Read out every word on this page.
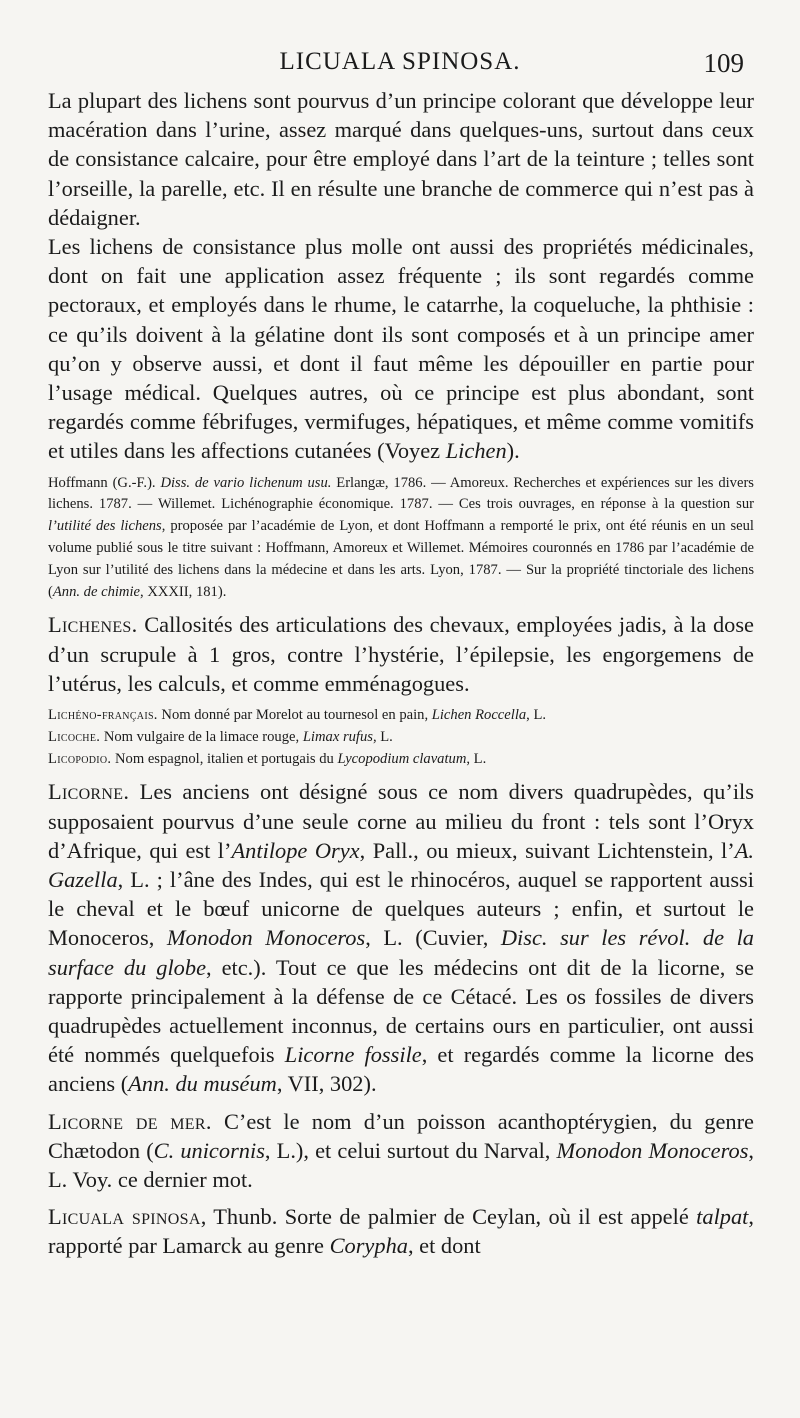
LICUALA SPINOSA.	109

La plupart des lichens sont pourvus d’un principe colorant que développe leur macération dans l’urine, assez marqué dans quelques-uns, surtout dans ceux de consistance calcaire, pour être employé dans l’art de la teinture ; telles sont l’orseille, la parelle, etc. Il en résulte une branche de commerce qui n’est pas à dédaigner.

Les lichens de consistance plus molle ont aussi des propriétés médicinales, dont on fait une application assez fréquente ; ils sont regardés comme pectoraux, et employés dans le rhume, le catarrhe, la coqueluche, la phthisie : ce qu’ils doivent à la gélatine dont ils sont composés et à un principe amer qu’on y observe aussi, et dont il faut même les dépouiller en partie pour l’usage médical. Quelques autres, où ce principe est plus abondant, sont regardés comme fébrifuges, vermifuges, hépatiques, et même comme vomitifs et utiles dans les affections cutanées (Voyez Lichen).

Hoffmann (G.-F.). Diss. de vario lichenum usu. Erlangæ, 1786. — Amoreux. Recherches et expériences sur les divers lichens. 1787. — Willemet. Lichénographie économique. 1787. — Ces trois ouvrages, en réponse à la question sur l’utilité des lichens, proposée par l’académie de Lyon, et dont Hoffmann a remporté le prix, ont été réunis en un seul volume publié sous le titre suivant : Hoffmann, Amoreux et Willemet. Mémoires couronnés en 1786 par l’académie de Lyon sur l’utilité des lichens dans la médecine et dans les arts. Lyon, 1787. — Sur la propriété tinctoriale des lichens (Ann. de chimie, XXXII, 181).

Lichenes. Callosités des articulations des chevaux, employées jadis, à la dose d’un scrupule à 1 gros, contre l’hystérie, l’épilepsie, les engorgemens de l’utérus, les calculs, et comme emménagogues.

Lichéno-français. Nom donné par Morelot au tournesol en pain, Lichen Roccella, L.

Licoche. Nom vulgaire de la limace rouge, Limax rufus, L.

Licopodio. Nom espagnol, italien et portugais du Lycopodium clavatum, L.

Licorne. Les anciens ont désigné sous ce nom divers quadrupèdes, qu’ils supposaient pourvus d’une seule corne au milieu du front : tels sont l’Oryx d’Afrique, qui est l’Antilope Oryx, Pall., ou mieux, suivant Lichtenstein, l’A. Gazella, L. ; l’âne des Indes, qui est le rhinocéros, auquel se rapportent aussi le cheval et le bœuf unicorne de quelques auteurs ; enfin, et surtout le Monoceros, Monodon Monoceros, L. (Cuvier, Disc. sur les révol. de la surface du globe, etc.). Tout ce que les médecins ont dit de la licorne, se rapporte principalement à la défense de ce Cétacé. Les os fossiles de divers quadrupèdes actuellement inconnus, de certains ours en particulier, ont aussi été nommés quelquefois Licorne fossile, et regardés comme la licorne des anciens (Ann. du muséum, VII, 302).

Licorne de mer. C’est le nom d’un poisson acanthoptérygien, du genre Chætodon (C. unicornis, L.), et celui surtout du Narval, Monodon Monoceros, L. Voy. ce dernier mot.

Licuala spinosa, Thunb. Sorte de palmier de Ceylan, où il est appelé talpat, rapporté par Lamarck au genre Corypha, et dont
